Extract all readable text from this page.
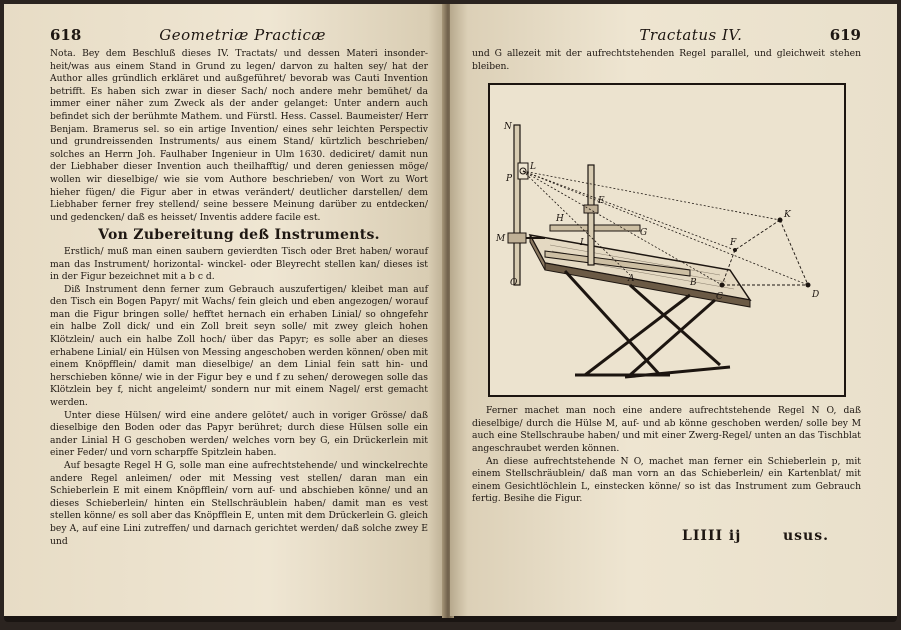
618	Geometriæ Practicæ

Nota. Bey dem Beschluß dieses IV. Tractats/ und dessen Materi insonder-heit/was aus einem Stand in Grund zu legen/ darvon zu halten sey/ hat der Author alles gründlich erkläret und außgeführet/ bevorab was Cauti Invention betrifft. Es haben sich zwar in dieser Sach/ noch andere mehr bemühet/ da immer einer näher zum Zweck als der ander gelanget: Unter andern auch befindet sich der berühmte Mathem. und Fürstl. Hess. Cassel. Baumeister/ Herr Benjam. Bramerus sel. so ein artige Invention/ eines sehr leichten Perspectiv und grundreissenden Instruments/ aus einem Stand/ kürtzlich beschrieben/ solches an Herrn Joh. Faulhaber Ingenieur in Ulm 1630. dediciret/ damit nun der Liebhaber dieser Invention auch theilhafftig/ und deren geniessen möge/ wollen wir dieselbige/ wie sie vom Authore beschrieben/ von Wort zu Wort hieher fügen/ die Figur aber in etwas verändert/ deutlicher darstellen/ dem Liebhaber ferner frey stellend/ seine bessere Meinung darüber zu entdecken/ und gedencken/ daß es heisset/ Inventis addere facile est.

Von Zubereitung deß Instruments.

Erstlich/ muß man einen saubern gevierdten Tisch oder Bret haben/ worauf man das Instrument/ horizontal- winckel- oder Bleyrecht stellen kan/ dieses ist in der Figur bezeichnet mit a b c d.

Diß Instrument denn ferner zum Gebrauch auszufertigen/ kleibet man auf den Tisch ein Bogen Papyr/ mit Wachs/ fein gleich und eben angezogen/ worauf man die Figur bringen solle/ hefftet hernach ein erhaben Linial/ so ohngefehr ein halbe Zoll dick/ und ein Zoll breit seyn solle/ mit zwey gleich hohen Klötzlein/ auch ein halbe Zoll hoch/ über das Papyr; es solle aber an dieses erhabene Linial/ ein Hülsen von Messing angeschoben werden können/ oben mit einem Knöpfflein/ damit man dieselbige/ an dem Linial fein satt hin- und herschieben könne/ wie in der Figur bey e und f zu sehen/ derowegen solle das Klötzlein bey f, nicht angeleimt/ sondern nur mit einem Nagel/ erst gemacht werden.

Unter diese Hülsen/ wird eine andere gelötet/ auch in voriger Grösse/ daß dieselbige den Boden oder das Papyr berühret; durch diese Hülsen solle ein ander Linial H G geschoben werden/ welches vorn bey G, ein Drückerlein mit einer Feder/ und vorn scharpffe Spitzlein haben.

Auf besagte Regel H G, solle man eine aufrechtstehende/ und winckelrechte andere Regel anleimen/ oder mit Messing vest stellen/ daran man ein Schieberlein E mit einem Knöpfflein/ vorn auf- und abschieben könne/ und an dieses Schieberlein/ hinten ein Stellschräublein haben/ damit man es vest stellen könne/ es soll aber das Knöpfflein E, unten mit dem Drückerlein G. gleich bey A, auf eine Lini zutreffen/ und darnach gerichtet werden/ daß solche zwey E und

Tractatus IV.	619

und G allezeit mit der aufrechtstehenden Regel parallel, und gleichweit stehen bleiben.

N
L
P
O
M
H
E
F
G
A	B
K
C	D
I

Ferner machet man noch eine andere aufrechtstehende Regel N O, daß dieselbige/ durch die Hülse M, auf- und ab könne geschoben werden/ solle bey M auch eine Stellschraube haben/ und mit einer Zwerg-Regel/ unten an das Tischblat angeschraubet werden können.

An diese aufrechtstehende N O, machet man ferner ein Schieberlein p, mit einem Stellschräublein/ daß man vorn an das Schieberlein/ ein Kartenblat/ mit einem Gesichtlöchlein L, einstecken könne/ so ist das Instrument zum Gebrauch fertig. Besihe die Figur.

LIIII ij	usus.
